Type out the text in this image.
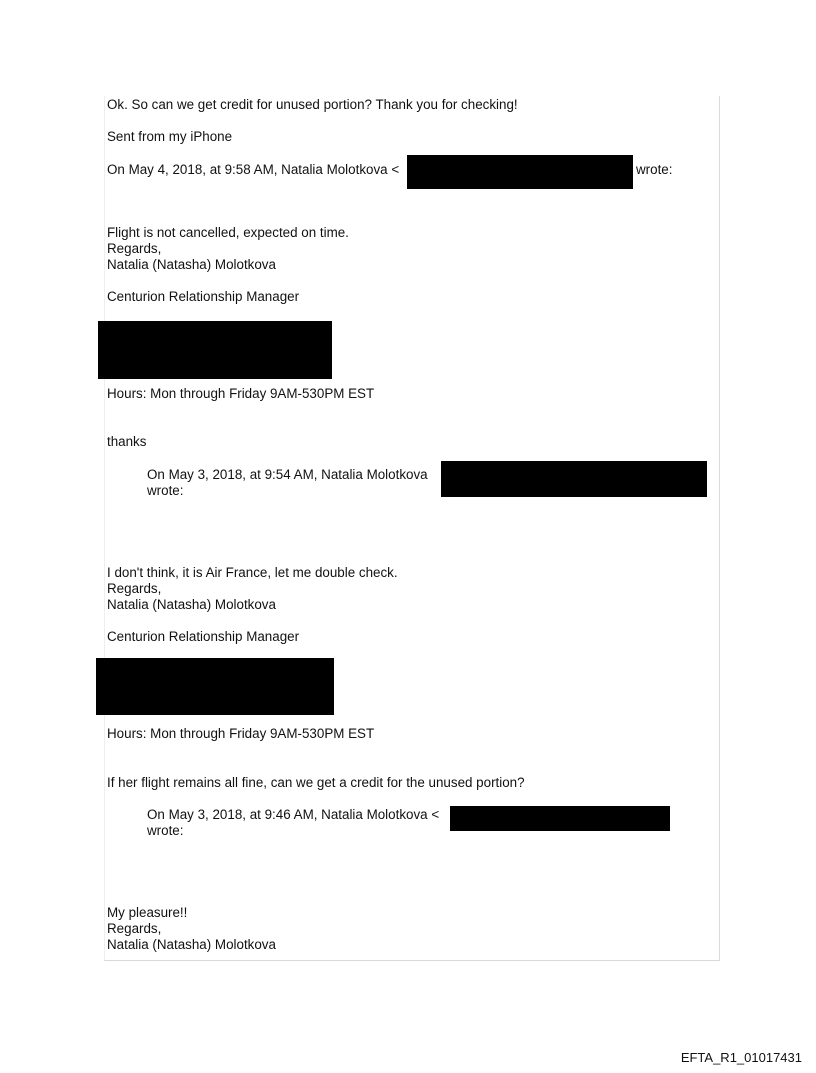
Ok. So can we get credit for unused portion? Thank you for checking!
Sent from my iPhone
On May 4, 2018, at 9:58 AM, Natalia Molotkova <	wrote:
Flight is not cancelled, expected on time.
Regards,
Natalia (Natasha) Molotkova
Centurion Relationship Manager
Hours: Mon through Friday 9AM-530PM EST
thanks
On May 3, 2018, at 9:54 AM, Natalia Molotkova
wrote:
I don't think, it is Air France, let me double check.
Regards,
Natalia (Natasha) Molotkova
Centurion Relationship Manager
Hours: Mon through Friday 9AM-530PM EST
If her flight remains all fine, can we get a credit for the unused portion?
On May 3, 2018, at 9:46 AM, Natalia Molotkova <
wrote:
My pleasure!!
Regards,
Natalia (Natasha) Molotkova
EFTA_R1_01017431
